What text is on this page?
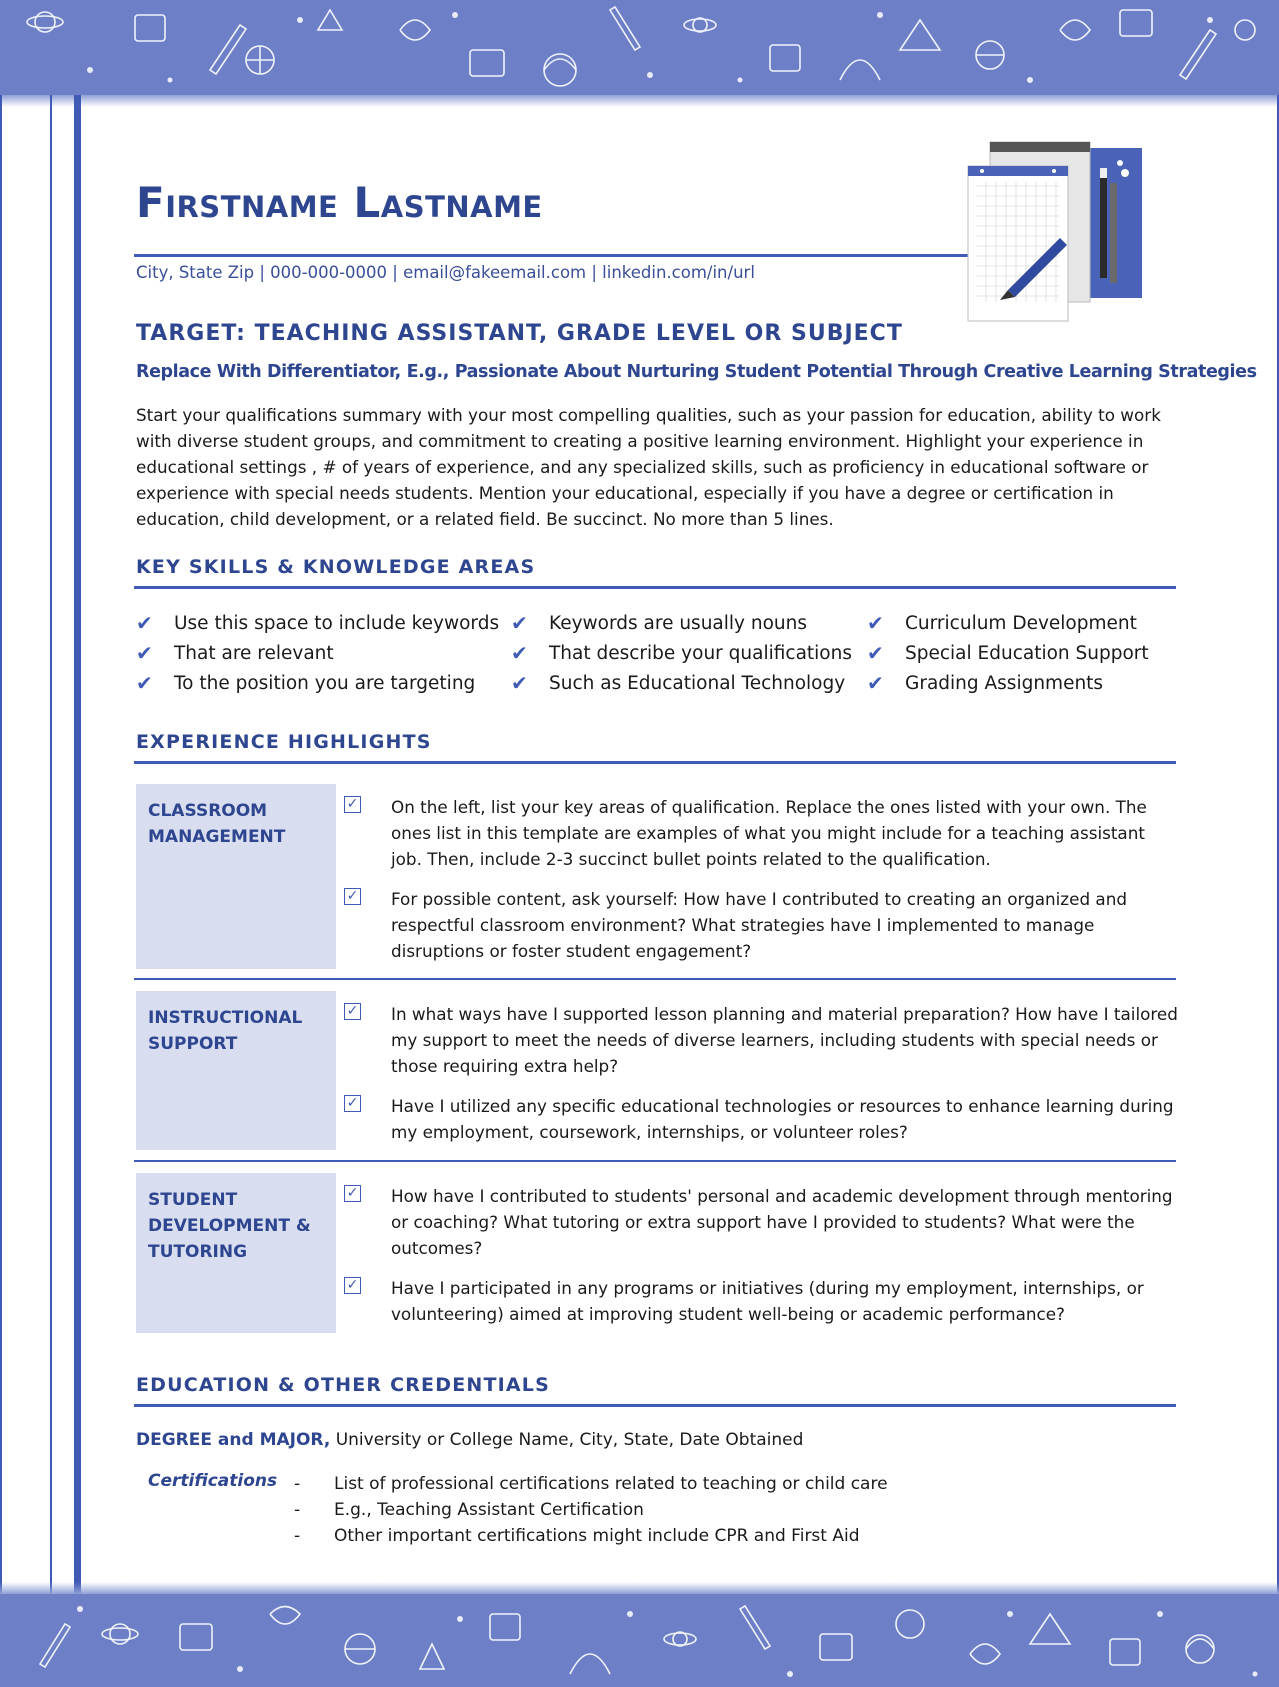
Firstname Lastname
City, State Zip | 000-000-0000 | email@fakeemail.com | linkedin.com/in/url
TARGET: TEACHING ASSISTANT, GRADE LEVEL OR SUBJECT
Replace With Differentiator, E.g., Passionate About Nurturing Student Potential Through Creative Learning Strategies
Start your qualifications summary with your most compelling qualities, such as your passion for education, ability to work with diverse student groups, and commitment to creating a positive learning environment. Highlight your experience in educational settings , # of years of experience, and any specialized skills, such as proficiency in educational software or experience with special needs students. Mention your educational, especially if you have a degree or certification in education, child development, or a related field. Be succinct. No more than 5 lines.
KEY SKILLS & KNOWLEDGE AREAS
✔	Use this space to include keywords
✔	That are relevant
✔	To the position you are targeting
✔	Keywords are usually nouns
✔	That describe your qualifications
✔	Such as Educational Technology
✔	Curriculum Development
✔	Special Education Support
✔	Grading Assignments
EXPERIENCE HIGHLIGHTS
CLASSROOM MANAGEMENT
✓ On the left, list your key areas of qualification. Replace the ones listed with your own. The ones list in this template are examples of what you might include for a teaching assistant job. Then, include 2-3 succinct bullet points related to the qualification.
✓ For possible content, ask yourself: How have I contributed to creating an organized and respectful classroom environment? What strategies have I implemented to manage disruptions or foster student engagement?
INSTRUCTIONAL SUPPORT
✓ In what ways have I supported lesson planning and material preparation? How have I tailored my support to meet the needs of diverse learners, including students with special needs or those requiring extra help?
✓ Have I utilized any specific educational technologies or resources to enhance learning during my employment, coursework, internships, or volunteer roles?
STUDENT DEVELOPMENT & TUTORING
✓ How have I contributed to students' personal and academic development through mentoring or coaching? What tutoring or extra support have I provided to students? What were the outcomes?
✓ Have I participated in any programs or initiatives (during my employment, internships, or volunteering) aimed at improving student well-being or academic performance?
EDUCATION & OTHER CREDENTIALS
DEGREE and MAJOR, University or College Name, City, State, Date Obtained
Certifications -	List of professional certifications related to teaching or child care
-	E.g., Teaching Assistant Certification
-	Other important certifications might include CPR and First Aid
